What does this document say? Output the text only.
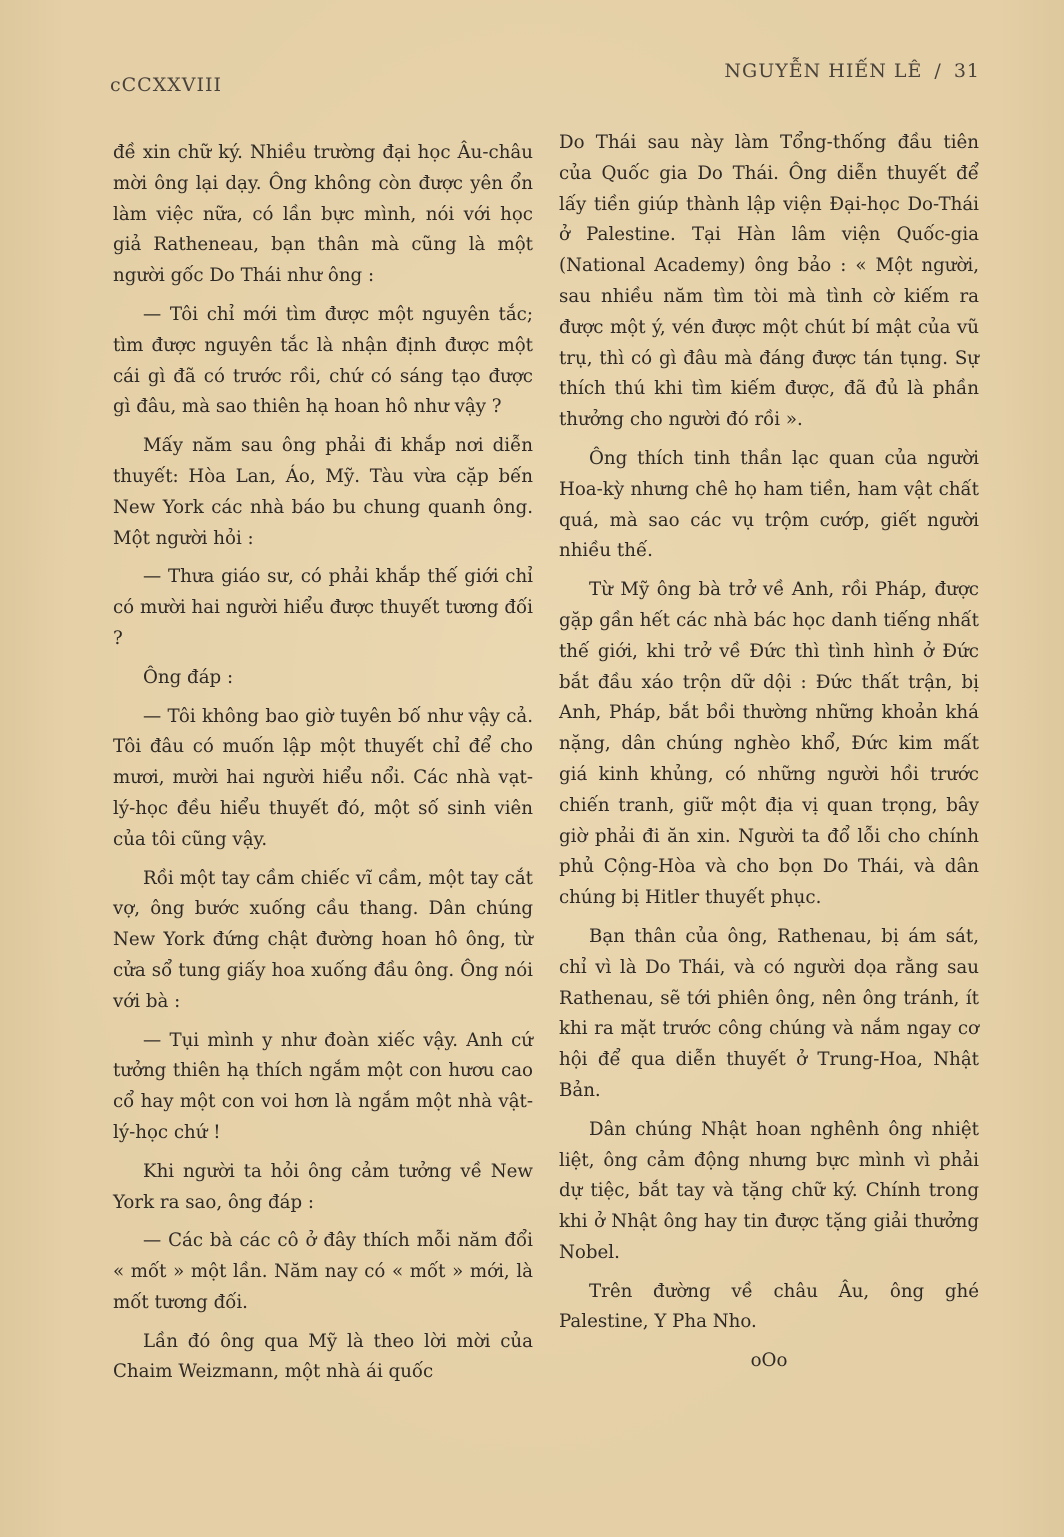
cCCXXVIII
NGUYỄN HIẾN LÊ / 31

đề xin chữ ký. Nhiều trường đại học Âu-châu mời ông lại dạy. Ông không còn được yên ổn làm việc nữa, có lần bực mình, nói với học giả Ratheneau, bạn thân mà cũng là một người gốc Do Thái như ông :

— Tôi chỉ mới tìm được một nguyên tắc; tìm được nguyên tắc là nhận định được một cái gì đã có trước rồi, chứ có sáng tạo được gì đâu, mà sao thiên hạ hoan hô như vậy ?

Mấy năm sau ông phải đi khắp nơi diễn thuyết: Hòa Lan, Áo, Mỹ. Tàu vừa cặp bến New York các nhà báo bu chung quanh ông. Một người hỏi :

— Thưa giáo sư, có phải khắp thế giới chỉ có mười hai người hiểu được thuyết tương đối ?

Ông đáp :

— Tôi không bao giờ tuyên bố như vậy cả. Tôi đâu có muốn lập một thuyết chỉ để cho mươi, mười hai người hiểu nổi. Các nhà vạt-lý-học đều hiểu thuyết đó, một số sinh viên của tôi cũng vậy.

Rồi một tay cầm chiếc vĩ cầm, một tay cắt vợ, ông bước xuống cầu thang. Dân chúng New York đứng chật đường hoan hô ông, từ cửa sổ tung giấy hoa xuống đầu ông. Ông nói với bà :

— Tụi mình y như đoàn xiếc vậy. Anh cứ tưởng thiên hạ thích ngắm một con hươu cao cổ hay một con voi hơn là ngắm một nhà vật-lý-học chứ !

Khi người ta hỏi ông cảm tưởng về New York ra sao, ông đáp :

— Các bà các cô ở đây thích mỗi năm đổi « mốt » một lần. Năm nay có « mốt » mới, là mốt tương đối.

Lần đó ông qua Mỹ là theo lời mời của Chaim Weizmann, một nhà ái quốc

Do Thái sau này làm Tổng-thống đầu tiên của Quốc gia Do Thái. Ông diễn thuyết để lấy tiền giúp thành lập viện Đại-học Do-Thái ở Palestine. Tại Hàn lâm viện Quốc-gia (National Academy) ông bảo : « Một người, sau nhiều năm tìm tòi mà tình cờ kiếm ra được một ý, vén được một chút bí mật của vũ trụ, thì có gì đâu mà đáng được tán tụng. Sự thích thú khi tìm kiếm được, đã đủ là phần thưởng cho người đó rồi ».

Ông thích tinh thần lạc quan của người Hoa-kỳ nhưng chê họ ham tiền, ham vật chất quá, mà sao các vụ trộm cướp, giết người nhiều thế.

Từ Mỹ ông bà trở về Anh, rồi Pháp, được gặp gần hết các nhà bác học danh tiếng nhất thế giới, khi trở về Đức thì tình hình ở Đức bắt đầu xáo trộn dữ dội : Đức thất trận, bị Anh, Pháp, bắt bồi thường những khoản khá nặng, dân chúng nghèo khổ, Đức kim mất giá kinh khủng, có những người hồi trước chiến tranh, giữ một địa vị quan trọng, bây giờ phải đi ăn xin. Người ta đổ lỗi cho chính phủ Cộng-Hòa và cho bọn Do Thái, và dân chúng bị Hitler thuyết phục.

Bạn thân của ông, Rathenau, bị ám sát, chỉ vì là Do Thái, và có người dọa rằng sau Rathenau, sẽ tới phiên ông, nên ông tránh, ít khi ra mặt trước công chúng và nắm ngay cơ hội để qua diễn thuyết ở Trung-Hoa, Nhật Bản.

Dân chúng Nhật hoan nghênh ông nhiệt liệt, ông cảm động nhưng bực mình vì phải dự tiệc, bắt tay và tặng chữ ký. Chính trong khi ở Nhật ông hay tin được tặng giải thưởng Nobel.

Trên đường về châu Âu, ông ghé Palestine, Y Pha Nho.

oOo
